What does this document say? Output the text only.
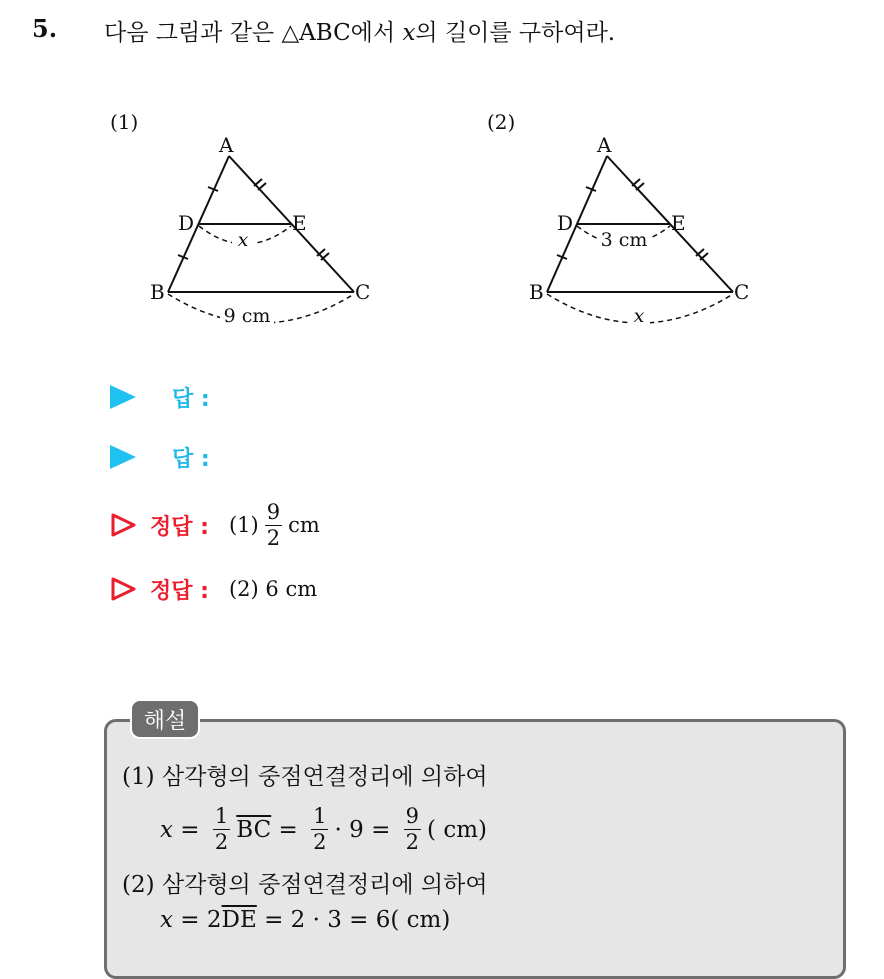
5. 다음 그림과 같은 △ABC에서 x의 길이를 구하여라.
(1)
A
D	E
B	C
x
9 cm
(2)
A
D	E
B	C
3 cm
x
답 :
답 :
정답 : $(1) \frac{9}{2}$ cm
정답 : (2)
6 cm
해설
(1) 삼각형의 중점연결정리에 의하여
x
=
$\frac{1}{2} \overline{BC}$
=
$\frac{1}{2} \cdot 9$
=
$\frac{9}{2}$ ( cm)
(2) 삼각형의 중점연결정리에 의하여
x
=
2 $\overline{DE}$
= 2 · 3 = 6( cm)
